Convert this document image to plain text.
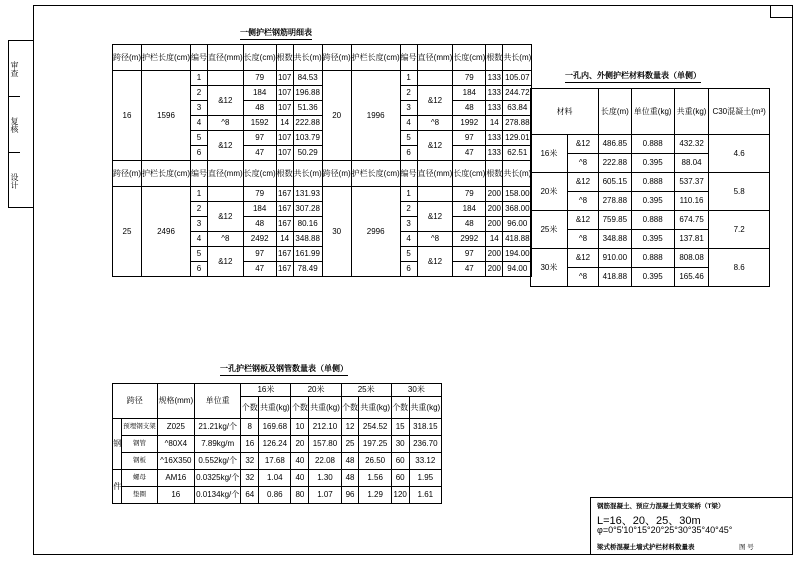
审查
复核
设计
一侧护栏钢筋明细表
跨径(m)	护栏长度(cm)	编号	直径(mm)	长度(cm)	根数	共长(m)	跨径(m)	护栏长度(cm)	编号	直径(mm)	长度(cm)	根数	共长(m)
16	1596	1		79	107	84.53	20	1996	1		79	133	105.07
		2	&12	184	107	196.88			2	&12	184	133	244.72
		3		48	107	51.36			3		48	133	63.84
		4	^8	1592	14	222.88			4	^8	1992	14	278.88
		5	&12	97	107	103.79			5	&12	97	133	129.01
		6		47	107	50.29			6		47	133	62.51
跨径(m)	护栏长度(cm)	编号	直径(mm)	长度(cm)	根数	共长(m)	跨径(m)	护栏长度(cm)	编号	直径(mm)	长度(cm)	根数	共长(m)
25	2496	1		79	167	131.93	30	2996	1		79	200	158.00
		2	&12	184	167	307.28			2	&12	184	200	368.00
		3		48	167	80.16			3		48	200	96.00
		4	^8	2492	14	348.88			4	^8	2992	14	418.88
		5	&12	97	167	161.99			5	&12	97	200	194.00
		6		47	167	78.49			6		47	200	94.00
一孔内、外侧护栏材料数量表（单侧）
材料		长度(m)	单位重(kg)	共重(kg)	C30混凝土(m³)
16米	&12	486.85	0.888	432.32	4.6
	^8	222.88	0.395	88.04	
20米	&12	605.15	0.888	537.37	5.8
	^8	278.88	0.395	110.16	
25米	&12	759.85	0.888	674.75	7.2
	^8	348.88	0.395	137.81	
30米	&12	910.00	0.888	808.08	8.6
	^8	418.88	0.395	165.46	
一孔护栏钢板及钢管数量表（单侧）
跨径		规格(mm)	单位重	16米		20米		25米		30米	
				个数	共重(kg)	个数	共重(kg)	个数	共重(kg)	个数	共重(kg)
钢	预埋钢支架	Z025	21.21kg/个	8	169.68	10	212.10	12	254.52	15	318.15
	钢管	^80X4	7.89kg/m	16	126.24	20	157.80	25	197.25	30	236.70
	钢板	^16X350	0.552kg/个	32	17.68	40	22.08	48	26.50	60	33.12
件	螺母	AM16	0.0325kg/个	32	1.04	40	1.30	48	1.56	60	1.95
	垫圈	16	0.0134kg/个	64	0.86	80	1.07	96	1.29	120	1.61
钢筋混凝土、预应力混凝土简支梁桥（T梁）
L=16、20、25、30m
φ=0°5'10°15°20°25°30°35°40°45°
梁式桥混凝土墙式护栏材料数量表	图 号
